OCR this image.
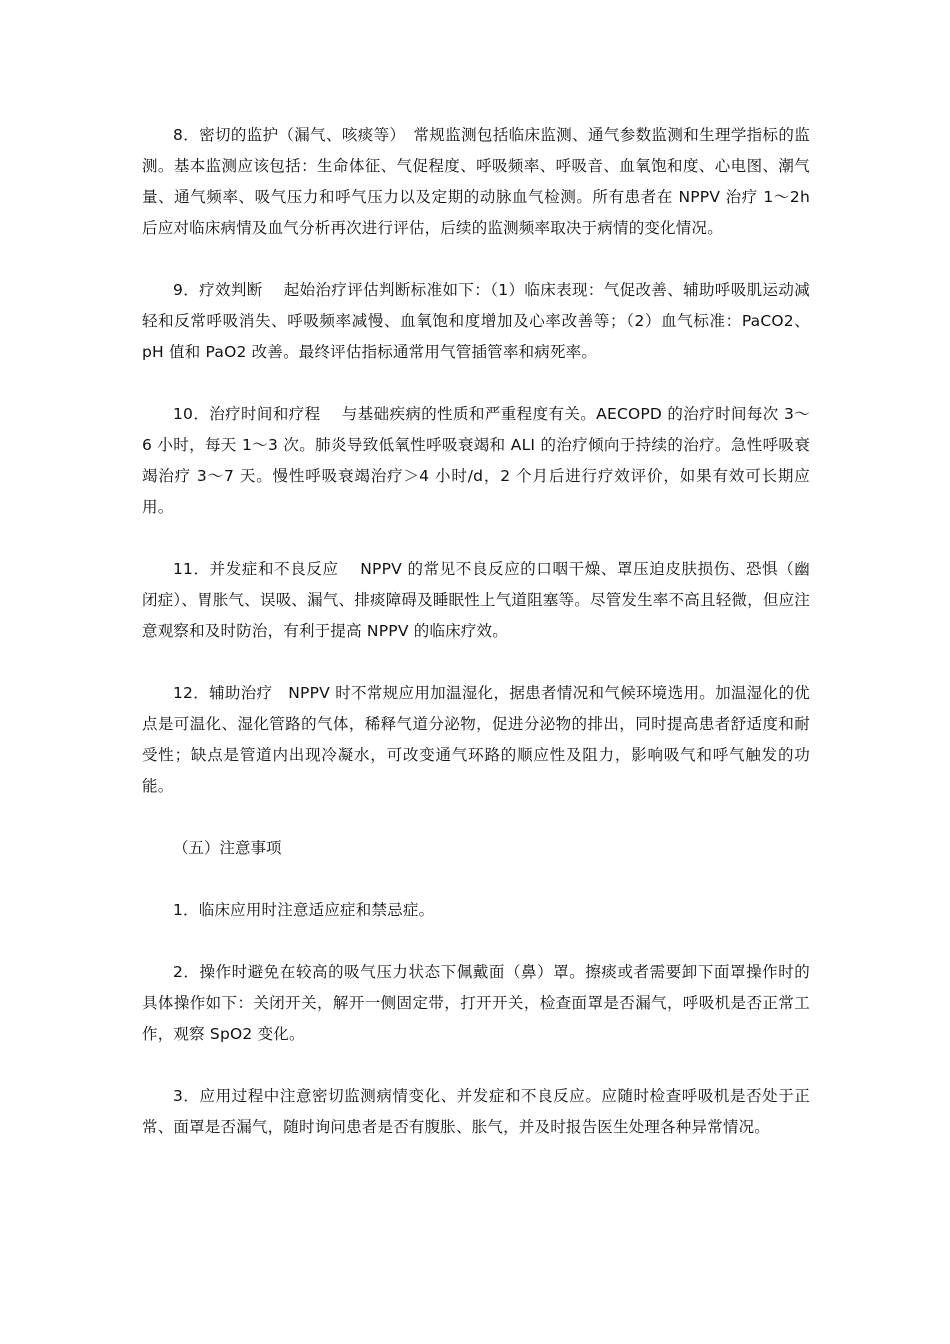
8．密切的监护（漏气、咳痰等）　常规监测包括临床监测、通气参数监测和生理学指标的监测。基本监测应该包括：生命体征、气促程度、呼吸频率、呼吸音、血氧饱和度、心电图、潮气量、通气频率、吸气压力和呼气压力以及定期的动脉血气检测。所有患者在 NPPV 治疗 1～2h 后应对临床病情及血气分析再次进行评估，后续的监测频率取决于病情的变化情况。

9．疗效判断　 起始治疗评估判断标准如下：（1）临床表现：气促改善、辅助呼吸肌运动减轻和反常呼吸消失、呼吸频率减慢、血氧饱和度增加及心率改善等；（2）血气标准：PaCO2、pH 值和 PaO2 改善。最终评估指标通常用气管插管率和病死率。

10．治疗时间和疗程　 与基础疾病的性质和严重程度有关。AECOPD 的治疗时间每次 3～6 小时，每天 1～3 次。肺炎导致低氧性呼吸衰竭和 ALI 的治疗倾向于持续的治疗。急性呼吸衰竭治疗 3～7 天。慢性呼吸衰竭治疗＞4 小时/d，2 个月后进行疗效评价，如果有效可长期应用。

11．并发症和不良反应　 NPPV 的常见不良反应的口咽干燥、罩压迫皮肤损伤、恐惧（幽闭症）、胃胀气、误吸、漏气、排痰障碍及睡眠性上气道阻塞等。尽管发生率不高且轻微，但应注意观察和及时防治，有利于提高 NPPV 的临床疗效。

12．辅助治疗　NPPV 时不常规应用加温湿化，据患者情况和气候环境选用。加温湿化的优点是可温化、湿化管路的气体，稀释气道分泌物，促进分泌物的排出，同时提高患者舒适度和耐受性；缺点是管道内出现冷凝水，可改变通气环路的顺应性及阻力，影响吸气和呼气触发的功能。

（五）注意事项

1．临床应用时注意适应症和禁忌症。

2．操作时避免在较高的吸气压力状态下佩戴面（鼻）罩。擦痰或者需要卸下面罩操作时的具体操作如下：关闭开关，解开一侧固定带，打开开关，检查面罩是否漏气，呼吸机是否正常工作，观察 SpO2 变化。

3．应用过程中注意密切监测病情变化、并发症和不良反应。应随时检查呼吸机是否处于正常、面罩是否漏气，随时询问患者是否有腹胀、胀气，并及时报告医生处理各种异常情况。
